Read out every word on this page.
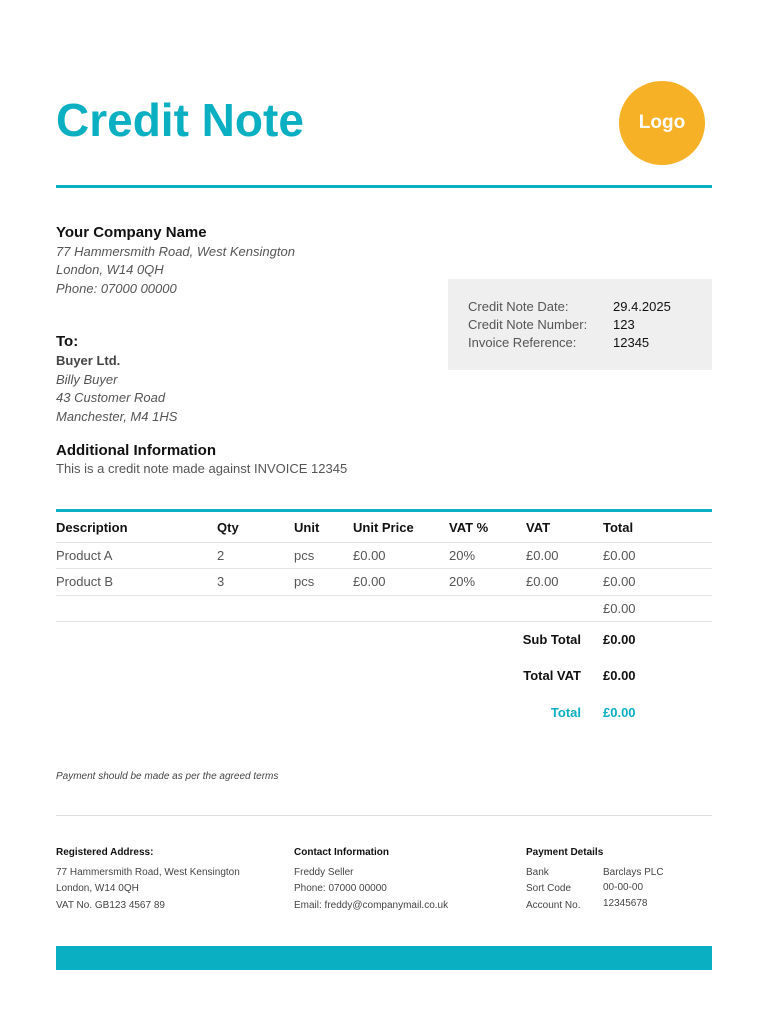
Credit Note	Logo
Your Company Name
77 Hammersmith Road, West Kensington
London, W14 0QH
Phone: 07000 00000
Credit Note Date:	29.4.2025
Credit Note Number: 123
Invoice Reference:	12345
To:
Buyer Ltd.
Billy Buyer
43 Customer Road
Manchester, M4 1HS
Additional Information
This is a credit note made against INVOICE 12345
Description	Qty	Unit	Unit Price	VAT %	VAT	Total
Product A	2	pcs	£0.00	20%	£0.00	£0.00
Product B	3	pcs	£0.00	20%	£0.00	£0.00
£0.00
Sub Total £0.00
Total VAT £0.00
Total £0.00
Payment should be made as per the agreed terms
Registered Address:
77 Hammersmith Road, West Kensington
London, W14 0QH
VAT No. GB123 4567 89
Contact Information
Freddy Seller
Phone: 07000 00000
Email: freddy@companymail.co.uk
Payment Details
Bank	Barclays PLC
Sort Code	00-00-00
Account No. 12345678
